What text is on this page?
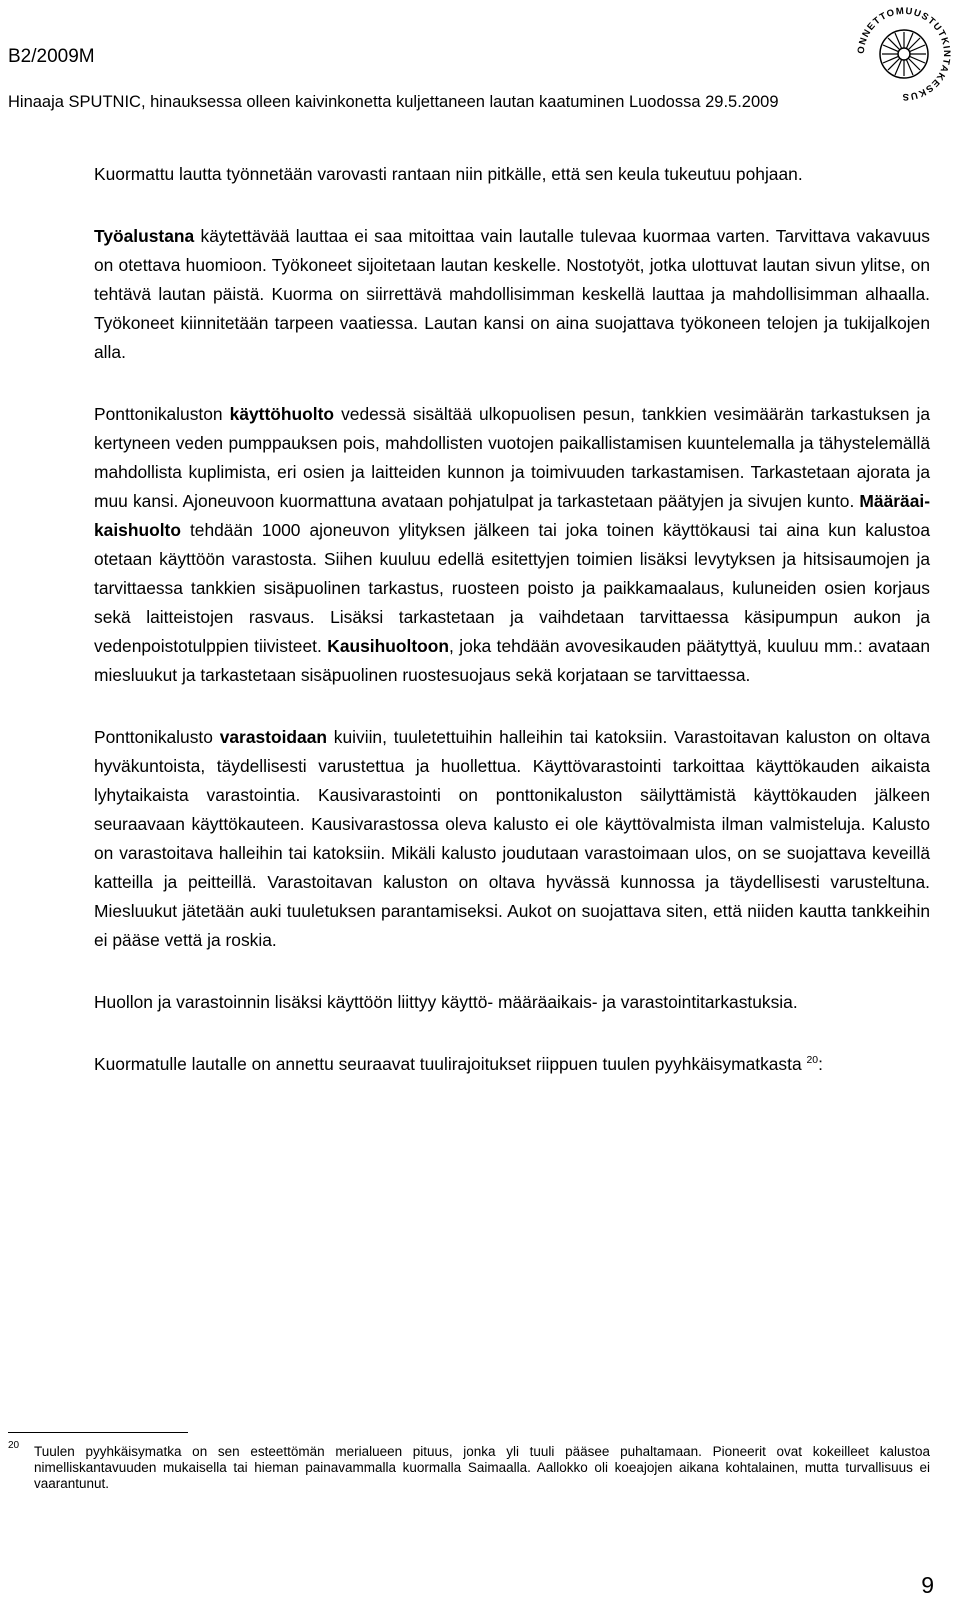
B2/2009M
Hinaaja SPUTNIC, hinauksessa olleen kaivinkonetta kuljettaneen lautan kaatuminen Luodossa 29.5.2009
ONNETTOMUUSTUTKINTAKESKUS

Kuormattu lautta työnnetään varovasti rantaan niin pitkälle, että sen keula tukeutuu pohjaan.

Työalustana käytettävää lauttaa ei saa mitoittaa vain lautalle tulevaa kuormaa varten. Tarvittava vakavuus on otettava huomioon. Työkoneet sijoitetaan lautan keskelle. Nostotyöt, jotka ulottuvat lautan sivun ylitse, on tehtävä lautan päistä. Kuorma on siirrettävä mahdollisimman keskellä lauttaa ja mahdollisimman alhaalla. Työkoneet kiinnitetään tarpeen vaatiessa. Lautan kansi on aina suojattava työkoneen telojen ja tukijalkojen alla.

Ponttonikaluston käyttöhuolto vedessä sisältää ulkopuolisen pesun, tankkien vesimäärän tarkastuksen ja kertyneen veden pumppauksen pois, mahdollisten vuotojen paikallistamisen kuuntelemalla ja tähystelemällä mahdollista kuplimista, eri osien ja laitteiden kunnon ja toimivuuden tarkastamisen. Tarkastetaan ajorata ja muu kansi. Ajoneuvoon kuormattuna avataan pohjatulpat ja tarkastetaan päätyjen ja sivujen kunto. Määräaikaishuolto tehdään 1000 ajoneuvon ylityksen jälkeen tai joka toinen käyttökausi tai aina kun kalustoa otetaan käyttöön varastosta. Siihen kuuluu edellä esitettyjen toimien lisäksi levytyksen ja hitsisaumojen ja tarvittaessa tankkien sisäpuolinen tarkastus, ruosteen poisto ja paikkamaalaus, kuluneiden osien korjaus sekä laitteistojen rasvaus. Lisäksi tarkastetaan ja vaihdetaan tarvittaessa käsipumpun aukon ja vedenpoistotulppien tiivisteet. Kausihuoltoon, joka tehdään avovesikauden päätyttyä, kuuluu mm.: avataan miesluukut ja tarkastetaan sisäpuolinen ruostesuojaus sekä korjataan se tarvittaessa.

Ponttonikalusto varastoidaan kuiviin, tuuletettuihin halleihin tai katoksiin. Varastoitavan kaluston on oltava hyväkuntoista, täydellisesti varustettua ja huollettua. Käyttövarastointi tarkoittaa käyttökauden aikaista lyhytaikaista varastointia. Kausivarastointi on ponttonikaluston säilyttämistä käyttökauden jälkeen seuraavaan käyttökauteen. Kausivarastossa oleva kalusto ei ole käyttövalmista ilman valmisteluja. Kalusto on varastoitava halleihin tai katoksiin. Mikäli kalusto joudutaan varastoimaan ulos, on se suojattava keveillä katteilla ja peitteillä. Varastoitavan kaluston on oltava hyvässä kunnossa ja täydellisesti varusteltuna. Miesluukut jätetään auki tuuletuksen parantamiseksi. Aukot on suojattava siten, että niiden kautta tankkeihin ei pääse vettä ja roskia.

Huollon ja varastoinnin lisäksi käyttöön liittyy käyttö- määräaikais- ja varastointitarkastuksia.

Kuormatulle lautalle on annettu seuraavat tuulirajoitukset riippuen tuulen pyyhkäisymatkasta $^{20}$:

20 Tuulen pyyhkäisymatka on sen esteettömän merialueen pituus, jonka yli tuuli pääsee puhaltamaan. Pioneerit ovat kokeilleet kalustoa nimelliskantavuuden mukaisella tai hieman painavammalla kuormalla Saimaalla. Aallokko oli koeajojen aikana kohtalainen, mutta turvallisuus ei vaarantunut.
9
